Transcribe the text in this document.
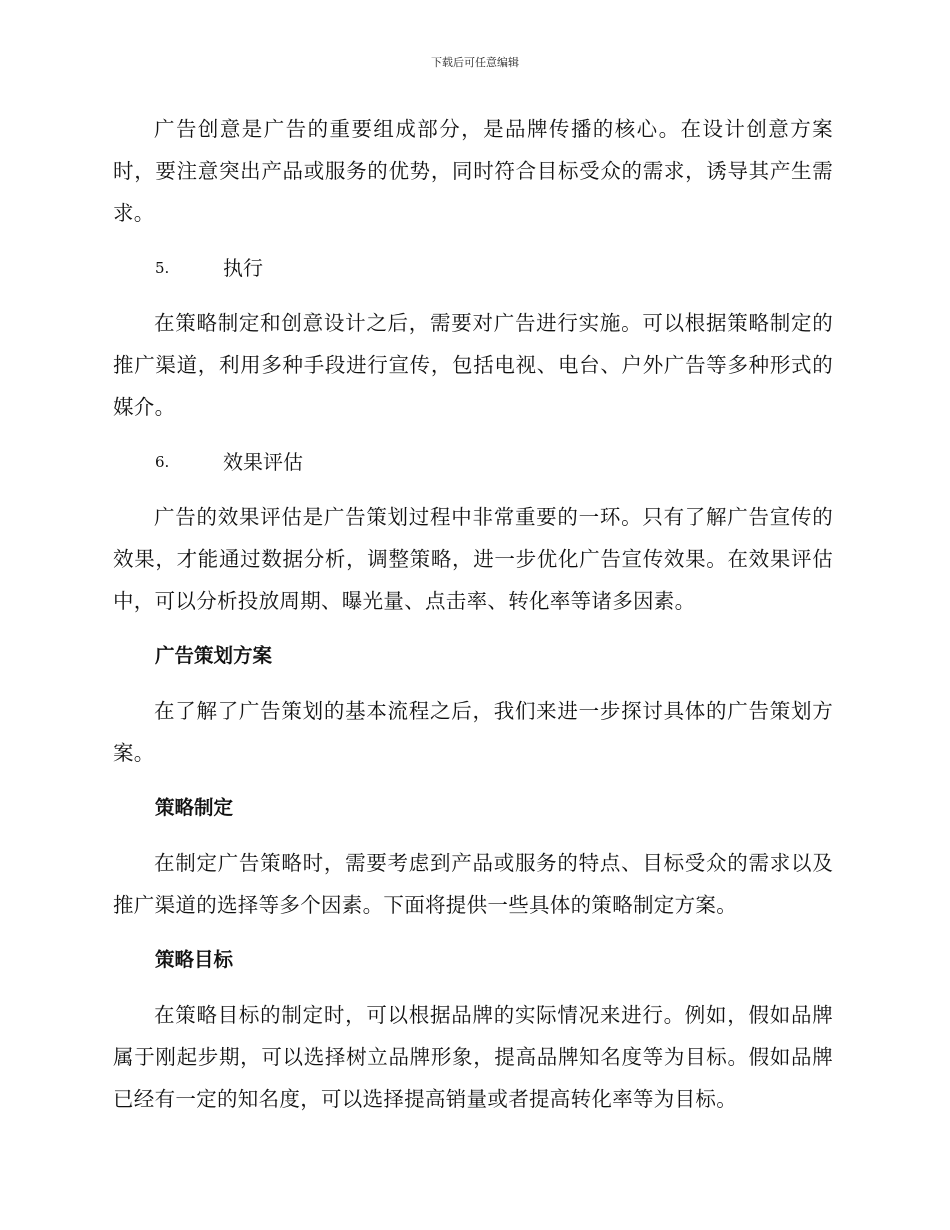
下载后可任意编辑

广告创意是广告的重要组成部分，是品牌传播的核心。在设计创意方案时，要注意突出产品或服务的优势，同时符合目标受众的需求，诱导其产生需求。

5.	执行

在策略制定和创意设计之后，需要对广告进行实施。可以根据策略制定的推广渠道，利用多种手段进行宣传，包括电视、电台、户外广告等多种形式的媒介。

6.	效果评估

广告的效果评估是广告策划过程中非常重要的一环。只有了解广告宣传的效果，才能通过数据分析，调整策略，进一步优化广告宣传效果。在效果评估中，可以分析投放周期、曝光量、点击率、转化率等诸多因素。

广告策划方案

在了解了广告策划的基本流程之后，我们来进一步探讨具体的广告策划方案。

策略制定

在制定广告策略时，需要考虑到产品或服务的特点、目标受众的需求以及推广渠道的选择等多个因素。下面将提供一些具体的策略制定方案。

策略目标

在策略目标的制定时，可以根据品牌的实际情况来进行。例如，假如品牌属于刚起步期，可以选择树立品牌形象，提高品牌知名度等为目标。假如品牌已经有一定的知名度，可以选择提高销量或者提高转化率等为目标。
